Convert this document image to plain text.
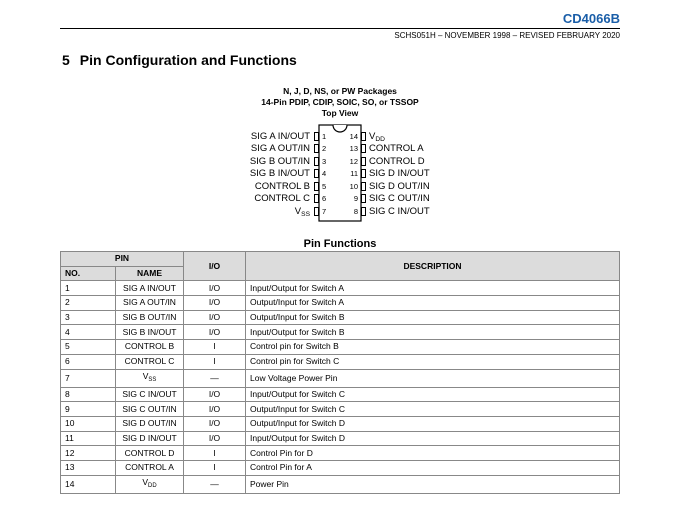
CD4066B
SCHS051H – NOVEMBER 1998 – REVISED FEBRUARY 2020
5 Pin Configuration and Functions
N, J, D, NS, or PW Packages
14-Pin PDIP, CDIP, SOIC, SO, or TSSOP
Top View
SIG A IN/OUT 1
SIG A OUT/IN 2
SIG B OUT/IN 3
SIG B IN/OUT 4
CONTROL B 5
CONTROL C 6
$V_{SS}$ 7
$V_{DD}$
14
CONTROL A
13
CONTROL D
12
SIG D IN/OUT
11
SIG D OUT/IN
10
SIG C OUT/IN
9
SIG C IN/OUT
8
Pin Functions
PIN		I/O	DESCRIPTION
NO.	NAME		
1	SIG A IN/OUT	I/O	Input/Output for Switch A
2	SIG A OUT/IN	I/O	Output/Input for Switch A
3	SIG B OUT/IN	I/O	Output/Input for Switch B
4	SIG B IN/OUT	I/O	Input/Output for Switch B
5	CONTROL B	I	Control pin for Switch B
6	CONTROL C	I	Control pin for Switch C
7	$V_{SS}$	—	Low Voltage Power Pin
8	SIG C IN/OUT	I/O	Input/Output for Switch C
9	SIG C OUT/IN	I/O	Output/Input for Switch C
10	SIG D OUT/IN	I/O	Output/Input for Switch D
11	SIG D IN/OUT	I/O	Input/Output for Switch D
12	CONTROL D	I	Control Pin for D
13	CONTROL A	I	Control Pin for A
14	$V_{DD}$	—	Power Pin
